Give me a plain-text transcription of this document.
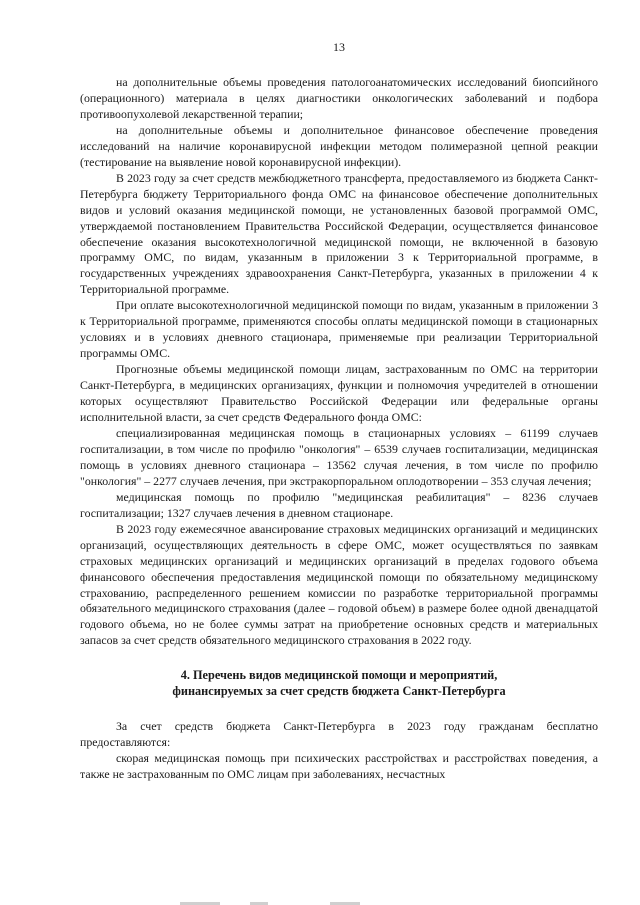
13

на дополнительные объемы проведения патологоанатомических исследований биопсийного (операционного) материала в целях диагностики онкологических заболеваний и подбора противоопухолевой лекарственной терапии;

на дополнительные объемы и дополнительное финансовое обеспечение проведения исследований на наличие коронавирусной инфекции методом полимеразной цепной реакции (тестирование на выявление новой коронавирусной инфекции).

В 2023 году за счет средств межбюджетного трансферта, предоставляемого из бюджета Санкт-Петербурга бюджету Территориального фонда ОМС на финансовое обеспечение дополнительных видов и условий оказания медицинской помощи, не установленных базовой программой ОМС, утверждаемой постановлением Правительства Российской Федерации, осуществляется финансовое обеспечение оказания высокотехнологичной медицинской помощи, не включенной в базовую программу ОМС, по видам, указанным в приложении 3 к Территориальной программе, в государственных учреждениях здравоохранения Санкт-Петербурга, указанных в приложении 4 к Территориальной программе.

При оплате высокотехнологичной медицинской помощи по видам, указанным в приложении 3 к Территориальной программе, применяются способы оплаты медицинской помощи в стационарных условиях и в условиях дневного стационара, применяемые при реализации Территориальной программы ОМС.

Прогнозные объемы медицинской помощи лицам, застрахованным по ОМС на территории Санкт-Петербурга, в медицинских организациях, функции и полномочия учредителей в отношении которых осуществляют Правительство Российской Федерации или федеральные органы исполнительной власти, за счет средств Федерального фонда ОМС:

специализированная медицинская помощь в стационарных условиях – 61199 случаев госпитализации, в том числе по профилю "онкология" – 6539 случаев госпитализации, медицинская помощь в условиях дневного стационара – 13562 случая лечения, в том числе по профилю "онкология" – 2277 случаев лечения, при экстракорпоральном оплодотворении – 353 случая лечения;

медицинская помощь по профилю "медицинская реабилитация" – 8236 случаев госпитализации; 1327 случаев лечения в дневном стационаре.

В 2023 году ежемесячное авансирование страховых медицинских организаций и медицинских организаций, осуществляющих деятельность в сфере ОМС, может осуществляться по заявкам страховых медицинских организаций и медицинских организаций в пределах годового объема финансового обеспечения предоставления медицинской помощи по обязательному медицинскому страхованию, распределенного решением комиссии по разработке территориальной программы обязательного медицинского страхования (далее – годовой объем) в размере более одной двенадцатой годового объема, но не более суммы затрат на приобретение основных средств и материальных запасов за счет средств обязательного медицинского страхования в 2022 году.

4. Перечень видов медицинской помощи и мероприятий,
финансируемых за счет средств бюджета Санкт-Петербурга

За счет средств бюджета Санкт-Петербурга в 2023 году гражданам бесплатно предоставляются:

скорая медицинская помощь при психических расстройствах и расстройствах поведения, а также не застрахованным по ОМС лицам при заболеваниях, несчастных
